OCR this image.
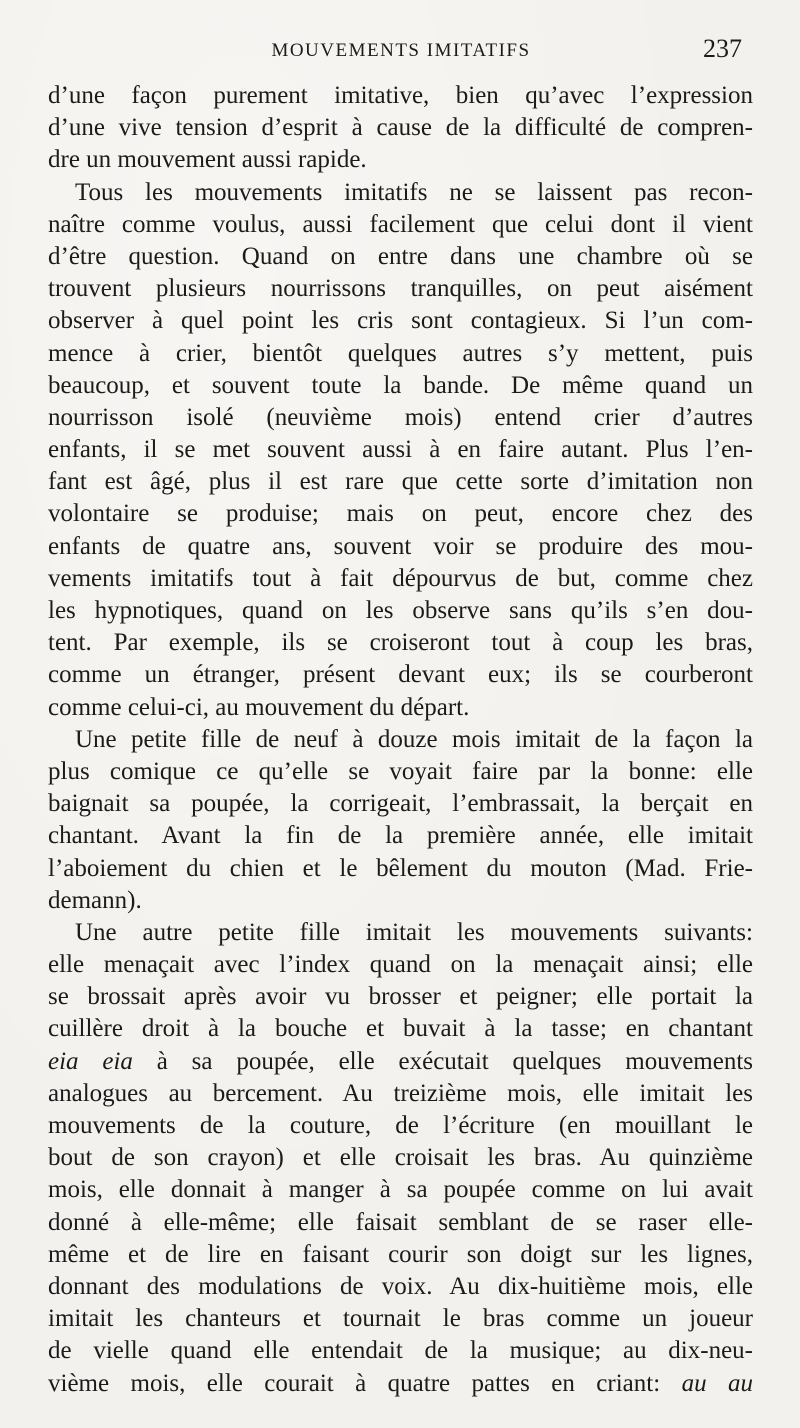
MOUVEMENTS IMITATIFS	237
d’une façon purement imitative, bien qu’avec l’expression
d’une vive tension d’esprit à cause de la difficulté de compren-
dre un mouvement aussi rapide.
Tous les mouvements imitatifs ne se laissent pas recon-
naître comme voulus, aussi facilement que celui dont il vient
d’être question. Quand on entre dans une chambre où se
trouvent plusieurs nourrissons tranquilles, on peut aisément
observer à quel point les cris sont contagieux. Si l’un com-
mence à crier, bientôt quelques autres s’y mettent, puis
beaucoup, et souvent toute la bande. De même quand un
nourrisson isolé (neuvième mois) entend crier d’autres
enfants, il se met souvent aussi à en faire autant. Plus l’en-
fant est âgé, plus il est rare que cette sorte d’imitation non
volontaire se produise; mais on peut, encore chez des
enfants de quatre ans, souvent voir se produire des mou-
vements imitatifs tout à fait dépourvus de but, comme chez
les hypnotiques, quand on les observe sans qu’ils s’en dou-
tent. Par exemple, ils se croiseront tout à coup les bras,
comme un étranger, présent devant eux; ils se courberont
comme celui-ci, au mouvement du départ.
Une petite fille de neuf à douze mois imitait de la façon la
plus comique ce qu’elle se voyait faire par la bonne: elle
baignait sa poupée, la corrigeait, l’embrassait, la berçait en
chantant. Avant la fin de la première année, elle imitait
l’aboiement du chien et le bêlement du mouton (Mad. Frie-
demann).
Une autre petite fille imitait les mouvements suivants:
elle menaçait avec l’index quand on la menaçait ainsi; elle
se brossait après avoir vu brosser et peigner; elle portait la
cuillère droit à la bouche et buvait à la tasse; en chantant
eia eia à sa poupée, elle exécutait quelques mouvements
analogues au bercement. Au treizième mois, elle imitait les
mouvements de la couture, de l’écriture (en mouillant le
bout de son crayon) et elle croisait les bras. Au quinzième
mois, elle donnait à manger à sa poupée comme on lui avait
donné à elle-même; elle faisait semblant de se raser elle-
même et de lire en faisant courir son doigt sur les lignes,
donnant des modulations de voix. Au dix-huitième mois, elle
imitait les chanteurs et tournait le bras comme un joueur
de vielle quand elle entendait de la musique; au dix-neu-
vième mois, elle courait à quatre pattes en criant: au au
